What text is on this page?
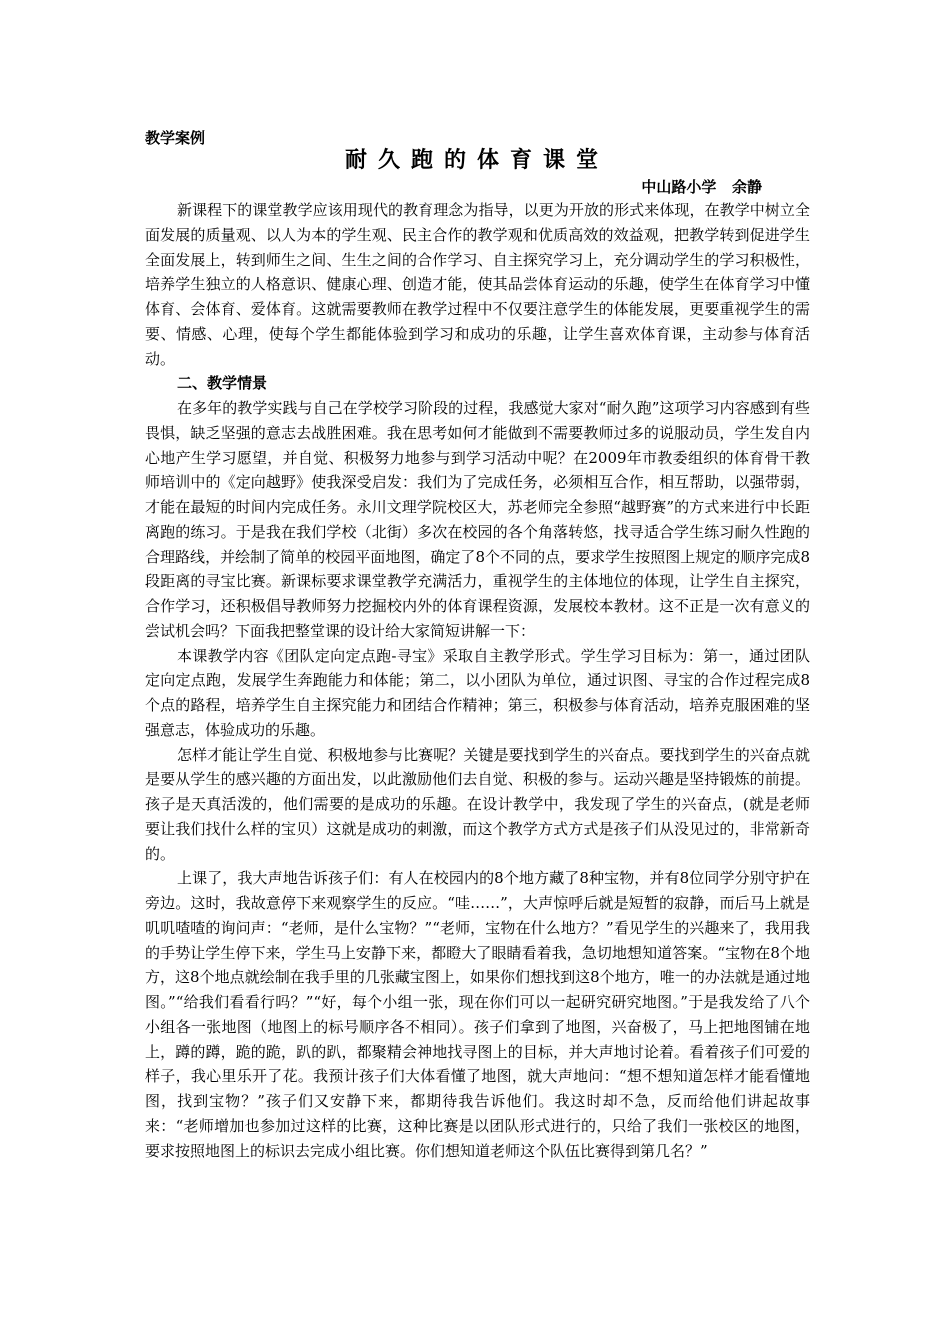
教学案例
耐久跑的体育课堂
中山路小学   余静

新课程下的课堂教学应该用现代的教育理念为指导，以更为开放的形式来体现，在教学中树立全面发展的质量观、以人为本的学生观、民主合作的教学观和优质高效的效益观，把教学转到促进学生全面发展上，转到师生之间、生生之间的合作学习、自主探究学习上，充分调动学生的学习积极性，培养学生独立的人格意识、健康心理、创造才能，使其品尝体育运动的乐趣，使学生在体育学习中懂体育、会体育、爱体育。这就需要教师在教学过程中不仅要注意学生的体能发展，更要重视学生的需要、情感、心理，使每个学生都能体验到学习和成功的乐趣，让学生喜欢体育课，主动参与体育活动。

二、教学情景

在多年的教学实践与自己在学校学习阶段的过程，我感觉大家对“耐久跑”这项学习内容感到有些畏惧，缺乏坚强的意志去战胜困难。我在思考如何才能做到不需要教师过多的说服动员，学生发自内心地产生学习愿望，并自觉、积极努力地参与到学习活动中呢？在2009年市教委组织的体育骨干教师培训中的《定向越野》使我深受启发：我们为了完成任务，必须相互合作，相互帮助，以强带弱，才能在最短的时间内完成任务。永川文理学院校区大，苏老师完全参照“越野赛”的方式来进行中长距离跑的练习。于是我在我们学校（北街）多次在校园的各个角落转悠，找寻适合学生练习耐久性跑的合理路线，并绘制了简单的校园平面地图，确定了8个不同的点，要求学生按照图上规定的顺序完成8段距离的寻宝比赛。新课标要求课堂教学充满活力，重视学生的主体地位的体现，让学生自主探究，合作学习，还积极倡导教师努力挖掘校内外的体育课程资源，发展校本教材。这不正是一次有意义的尝试机会吗？下面我把整堂课的设计给大家简短讲解一下：

本课教学内容《团队定向定点跑-寻宝》采取自主教学形式。学生学习目标为：第一，通过团队定向定点跑，发展学生奔跑能力和体能；第二，以小团队为单位，通过识图、寻宝的合作过程完成8个点的路程，培养学生自主探究能力和团结合作精神；第三，积极参与体育活动，培养克服困难的坚强意志，体验成功的乐趣。

怎样才能让学生自觉、积极地参与比赛呢？关键是要找到学生的兴奋点。要找到学生的兴奋点就是要从学生的感兴趣的方面出发，以此激励他们去自觉、积极的参与。运动兴趣是坚持锻炼的前提。孩子是天真活泼的，他们需要的是成功的乐趣。在设计教学中，我发现了学生的兴奋点，(就是老师要让我们找什么样的宝贝）这就是成功的刺激，而这个教学方式方式是孩子们从没见过的，非常新奇的。

上课了，我大声地告诉孩子们：有人在校园内的8个地方藏了8种宝物，并有8位同学分别守护在旁边。这时，我故意停下来观察学生的反应。“哇……”，大声惊呼后就是短暂的寂静，而后马上就是叽叽喳喳的询问声：“老师，是什么宝物？”“老师，宝物在什么地方？”看见学生的兴趣来了，我用我的手势让学生停下来，学生马上安静下来，都瞪大了眼睛看着我，急切地想知道答案。“宝物在8个地方，这8个地点就绘制在我手里的几张藏宝图上，如果你们想找到这8个地方，唯一的办法就是通过地图。”“给我们看看行吗？”“好，每个小组一张，现在你们可以一起研究研究地图。”于是我发给了八个小组各一张地图（地图上的标号顺序各不相同）。孩子们拿到了地图，兴奋极了，马上把地图铺在地上，蹲的蹲，跪的跪，趴的趴，都聚精会神地找寻图上的目标，并大声地讨论着。看着孩子们可爱的样子，我心里乐开了花。我预计孩子们大体看懂了地图，就大声地问：“想不想知道怎样才能看懂地图，找到宝物？”孩子们又安静下来，都期待我告诉他们。我这时却不急，反而给他们讲起故事来：“老师增加也参加过这样的比赛，这种比赛是以团队形式进行的，只给了我们一张校区的地图，要求按照地图上的标识去完成小组比赛。你们想知道老师这个队伍比赛得到第几名？”
